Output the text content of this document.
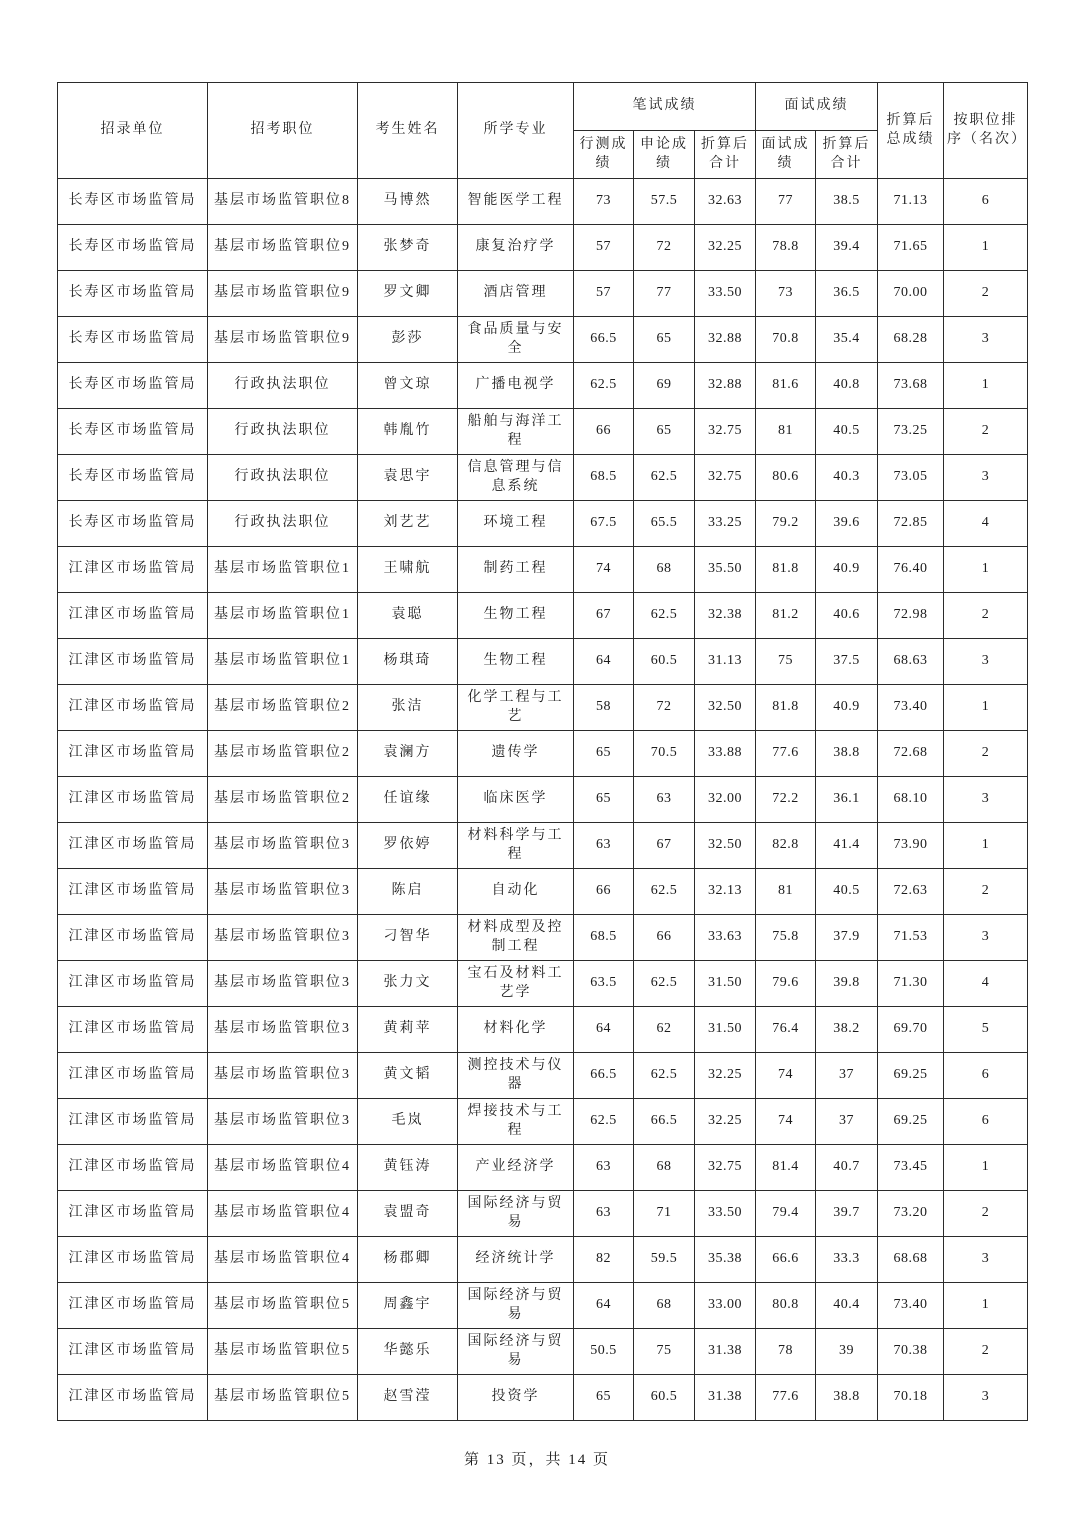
招录单位	招考职位	考生姓名	所学专业	笔试成绩			面试成绩		折算后总成绩	按职位排序（名次）
				行测成绩	申论成绩	折算后合计	面试成绩	折算后合计		
长寿区市场监管局	基层市场监管职位8	马博然	智能医学工程	73	57.5	32.63	77	38.5	71.13	6
长寿区市场监管局	基层市场监管职位9	张梦奇	康复治疗学	57	72	32.25	78.8	39.4	71.65	1
长寿区市场监管局	基层市场监管职位9	罗文卿	酒店管理	57	77	33.50	73	36.5	70.00	2
长寿区市场监管局	基层市场监管职位9	彭莎	食品质量与安全	66.5	65	32.88	70.8	35.4	68.28	3
长寿区市场监管局	行政执法职位	曾文琼	广播电视学	62.5	69	32.88	81.6	40.8	73.68	1
长寿区市场监管局	行政执法职位	韩胤竹	船舶与海洋工程	66	65	32.75	81	40.5	73.25	2
长寿区市场监管局	行政执法职位	袁思宇	信息管理与信息系统	68.5	62.5	32.75	80.6	40.3	73.05	3
长寿区市场监管局	行政执法职位	刘艺艺	环境工程	67.5	65.5	33.25	79.2	39.6	72.85	4
江津区市场监管局	基层市场监管职位1	王啸航	制药工程	74	68	35.50	81.8	40.9	76.40	1
江津区市场监管局	基层市场监管职位1	袁聪	生物工程	67	62.5	32.38	81.2	40.6	72.98	2
江津区市场监管局	基层市场监管职位1	杨琪琦	生物工程	64	60.5	31.13	75	37.5	68.63	3
江津区市场监管局	基层市场监管职位2	张洁	化学工程与工艺	58	72	32.50	81.8	40.9	73.40	1
江津区市场监管局	基层市场监管职位2	袁澜方	遗传学	65	70.5	33.88	77.6	38.8	72.68	2
江津区市场监管局	基层市场监管职位2	任谊缘	临床医学	65	63	32.00	72.2	36.1	68.10	3
江津区市场监管局	基层市场监管职位3	罗依婷	材料科学与工程	63	67	32.50	82.8	41.4	73.90	1
江津区市场监管局	基层市场监管职位3	陈启	自动化	66	62.5	32.13	81	40.5	72.63	2
江津区市场监管局	基层市场监管职位3	刁智华	材料成型及控制工程	68.5	66	33.63	75.8	37.9	71.53	3
江津区市场监管局	基层市场监管职位3	张力文	宝石及材料工艺学	63.5	62.5	31.50	79.6	39.8	71.30	4
江津区市场监管局	基层市场监管职位3	黄莉苹	材料化学	64	62	31.50	76.4	38.2	69.70	5
江津区市场监管局	基层市场监管职位3	黄文韬	测控技术与仪器	66.5	62.5	32.25	74	37	69.25	6
江津区市场监管局	基层市场监管职位3	毛岚	焊接技术与工程	62.5	66.5	32.25	74	37	69.25	6
江津区市场监管局	基层市场监管职位4	黄钰涛	产业经济学	63	68	32.75	81.4	40.7	73.45	1
江津区市场监管局	基层市场监管职位4	袁盟奇	国际经济与贸易	63	71	33.50	79.4	39.7	73.20	2
江津区市场监管局	基层市场监管职位4	杨郡卿	经济统计学	82	59.5	35.38	66.6	33.3	68.68	3
江津区市场监管局	基层市场监管职位5	周鑫宇	国际经济与贸易	64	68	33.00	80.8	40.4	73.40	1
江津区市场监管局	基层市场监管职位5	华懿乐	国际经济与贸易	50.5	75	31.38	78	39	70.38	2
江津区市场监管局	基层市场监管职位5	赵雪滢	投资学	65	60.5	31.38	77.6	38.8	70.18	3
第 13 页，共 14 页
